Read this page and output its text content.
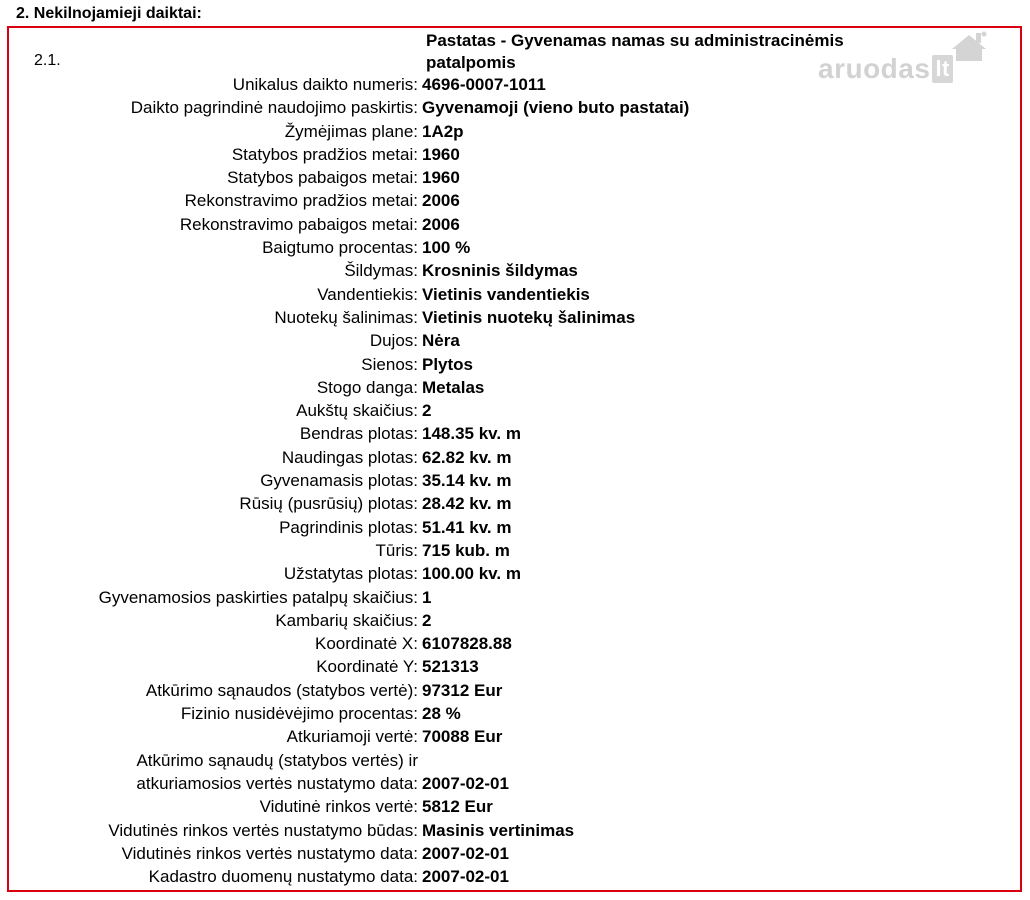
2. Nekilnojamieji daiktai:
aruodas lt
2.1.
Pastatas - Gyvenamas namas su administracinėmis
patalpomis
Unikalus daikto numeris: 4696-0007-1011
Daikto pagrindinė naudojimo paskirtis: Gyvenamoji (vieno buto pastatai)
Žymėjimas plane: 1A2p
Statybos pradžios metai: 1960
Statybos pabaigos metai: 1960
Rekonstravimo pradžios metai: 2006
Rekonstravimo pabaigos metai: 2006
Baigtumo procentas: 100 %
Šildymas: Krosninis šildymas
Vandentiekis: Vietinis vandentiekis
Nuotekų šalinimas: Vietinis nuotekų šalinimas
Dujos: Nėra
Sienos: Plytos
Stogo danga: Metalas
Aukštų skaičius: 2
Bendras plotas: 148.35 kv. m
Naudingas plotas: 62.82 kv. m
Gyvenamasis plotas: 35.14 kv. m
Rūsių (pusrūsių) plotas: 28.42 kv. m
Pagrindinis plotas: 51.41 kv. m
Tūris: 715 kub. m
Užstatytas plotas: 100.00 kv. m
Gyvenamosios paskirties patalpų skaičius: 1
Kambarių skaičius: 2
Koordinatė X: 6107828.88
Koordinatė Y: 521313
Atkūrimo sąnaudos (statybos vertė): 97312 Eur
Fizinio nusidėvėjimo procentas: 28 %
Atkuriamoji vertė: 70088 Eur
Atkūrimo sąnaudų (statybos vertės) ir
atkuriamosios vertės nustatymo data: 2007-02-01
Vidutinė rinkos vertė: 5812 Eur
Vidutinės rinkos vertės nustatymo būdas: Masinis vertinimas
Vidutinės rinkos vertės nustatymo data: 2007-02-01
Kadastro duomenų nustatymo data: 2007-02-01
